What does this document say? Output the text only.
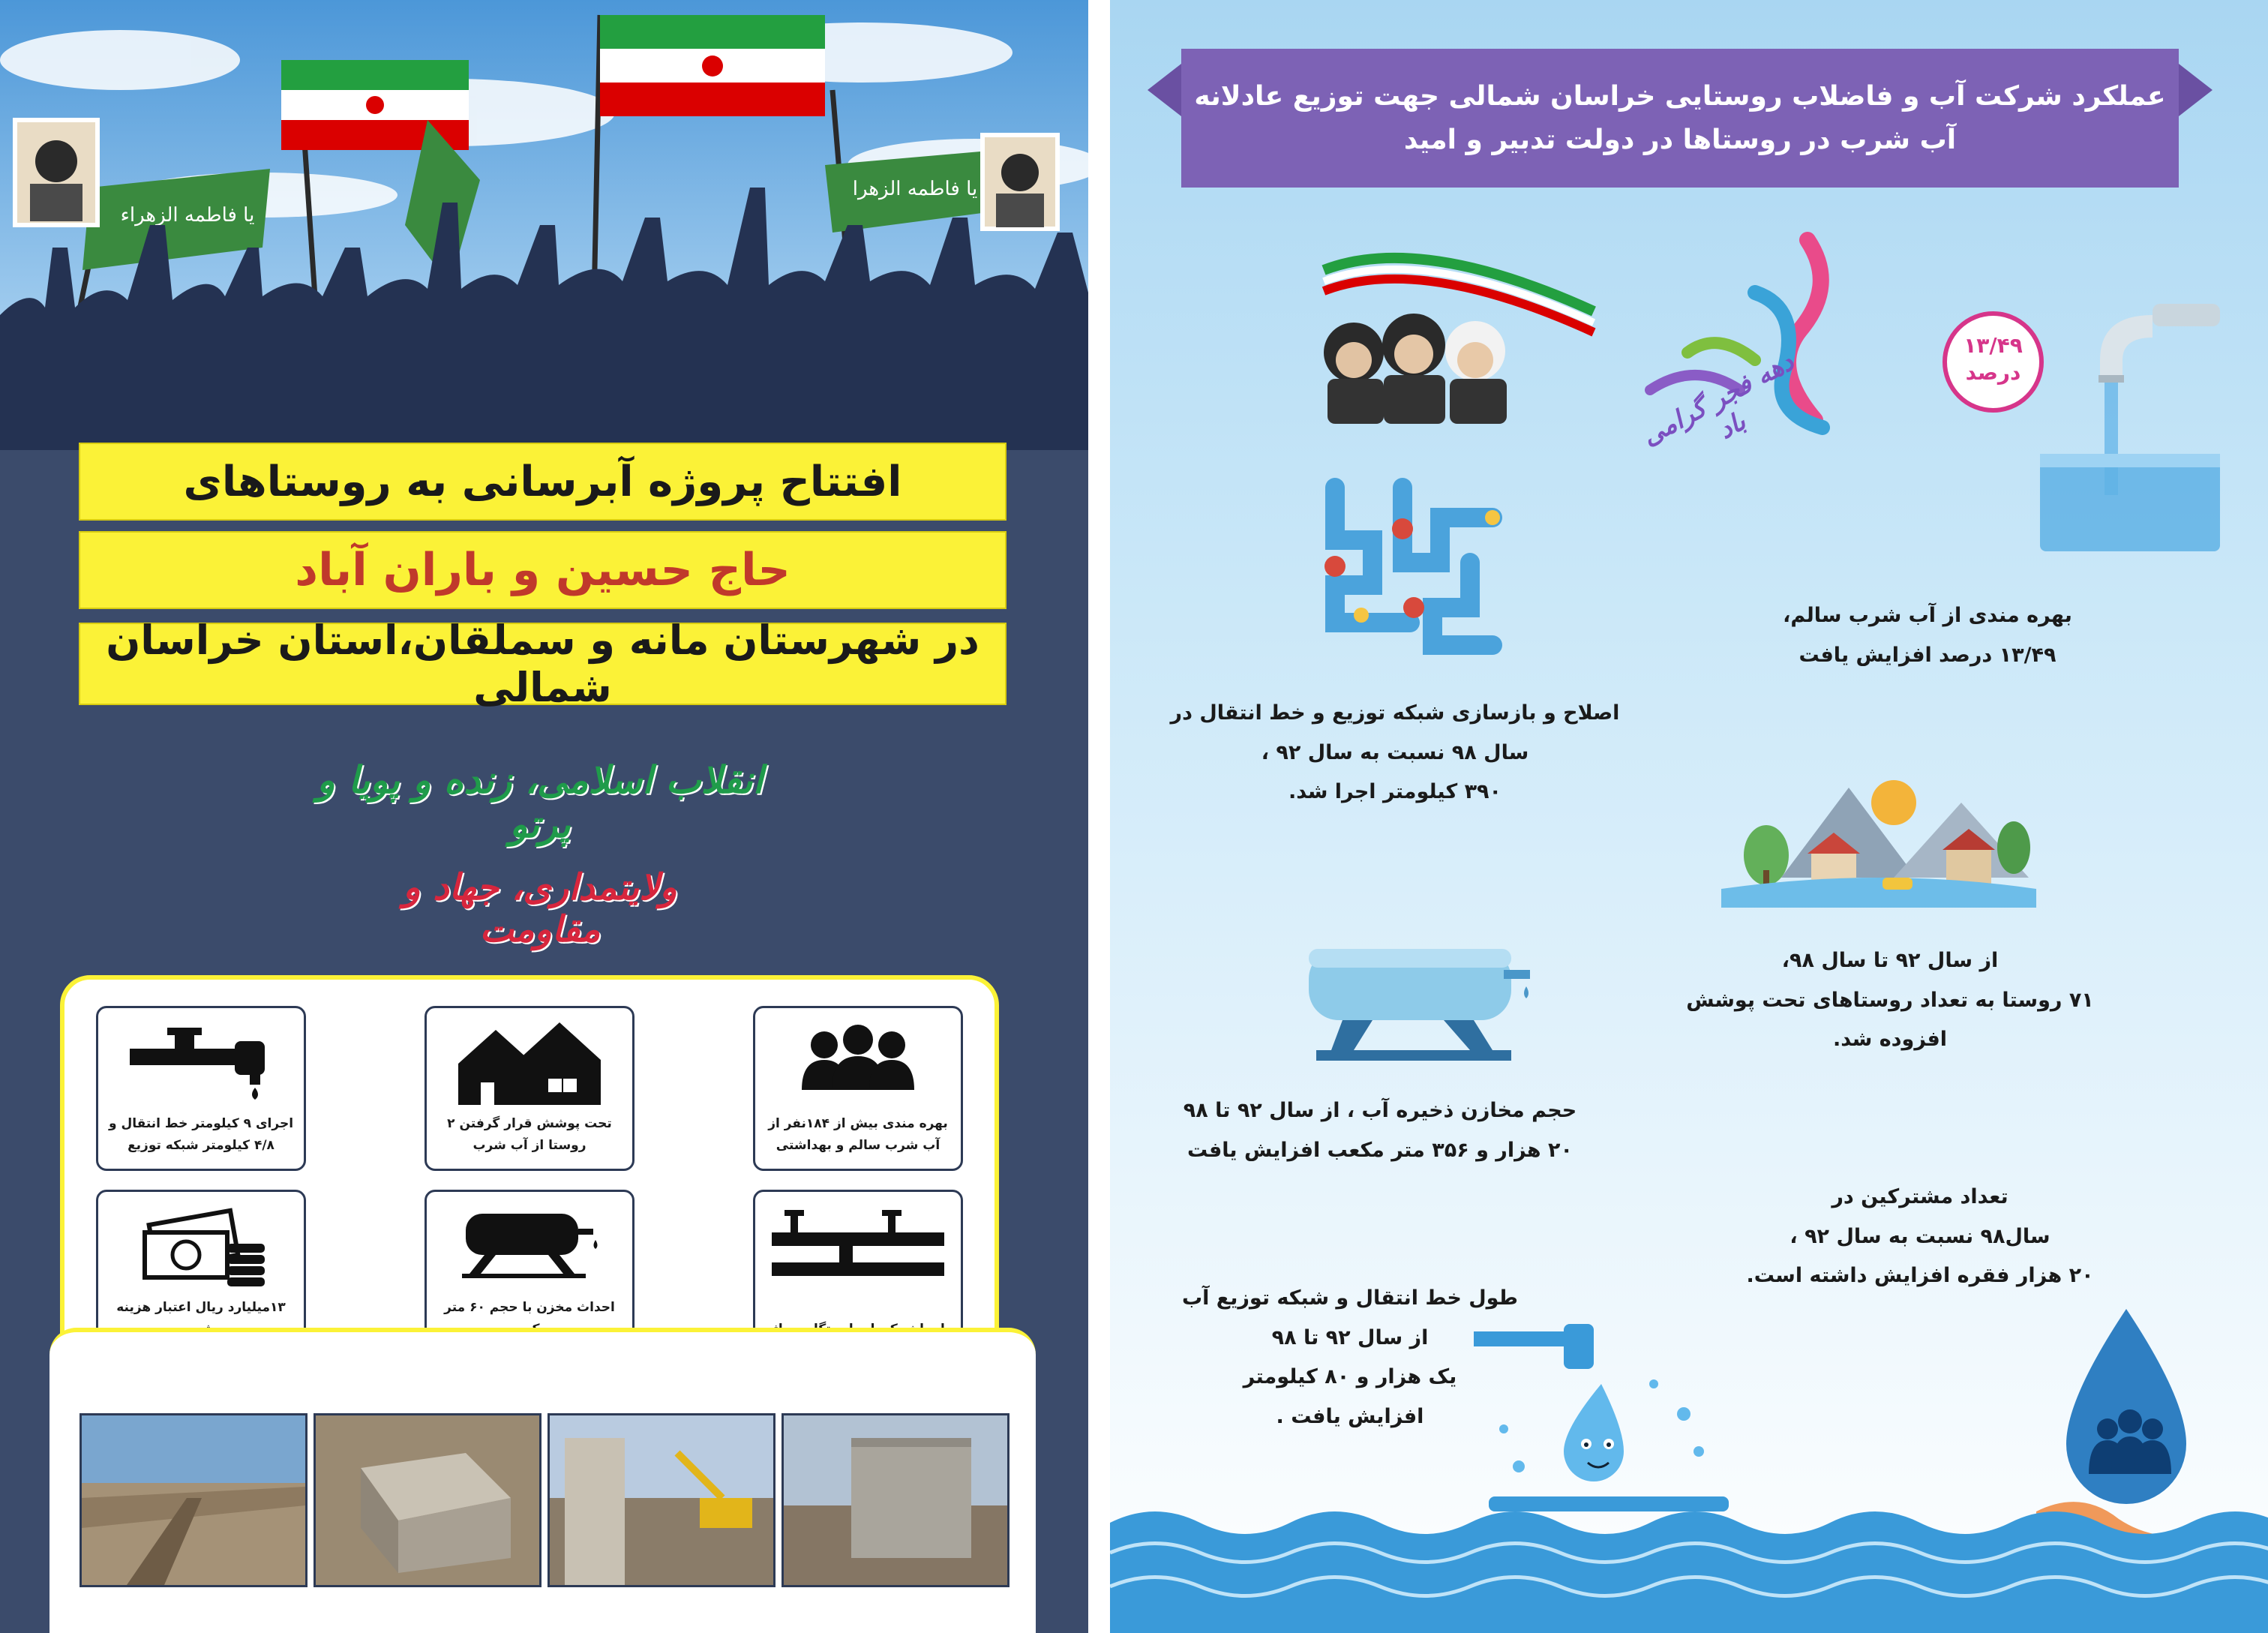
یا فاطمه الزهراء
یا فاطمه الزهرا
افتتاح پروژه آبرسانی به روستاهای
حاج حسین و باران آباد
در شهرستان مانه و سملقان،استان خراسان شمالی
انقلاب اسلامی، زنده و پویا و پرتو
ولایتمداری، جهاد و مقاومت
اجرای ۹ کیلومتر خط انتقال و ۴/۸ کیلومتر شبکه توزیع
تحت پوشش قرار گرفتن ۲ روستا از آب شرب
بهره مندی بیش از ۱۸۴نفر از آب شرب سالم و بهداشتی
۱۳میلیارد ریال اعتبار هزینه	احداث مخزن با حجم ۶۰ متر
عملکرد شرکت آب و فاضلاب روستایی خراسان شمالی جهت توزیع عادلانه
آب شرب در روستاها در دولت تدبیر و امید
دهه فجر گرامی باد
۱۳/۴۹
درصد
بهره مندی از آب شرب سالم،
۱۳/۴۹ درصد افزایش یافت
اصلاح و بازسازی شبکه توزیع و خط انتقال در
سال ۹۸ نسبت به سال ۹۲ ،
۳۹۰ کیلومتر اجرا شد.
از سال ۹۲ تا سال ۹۸،
۷۱ روستا به تعداد روستاهای تحت پوشش
افزوده شد.
حجم مخازن ذخیره آب ، از سال ۹۲ تا ۹۸
۲۰ هزار و ۳۵۶ متر مکعب افزایش یافت
تعداد مشترکین در
سال۹۸ نسبت به سال ۹۲ ،
۲۰ هزار فقره افزایش داشته است.
طول خط انتقال و شبکه توزیع آب
از سال ۹۲ تا ۹۸
یک هزار و ۸۰ کیلومتر
افزایش یافت .
